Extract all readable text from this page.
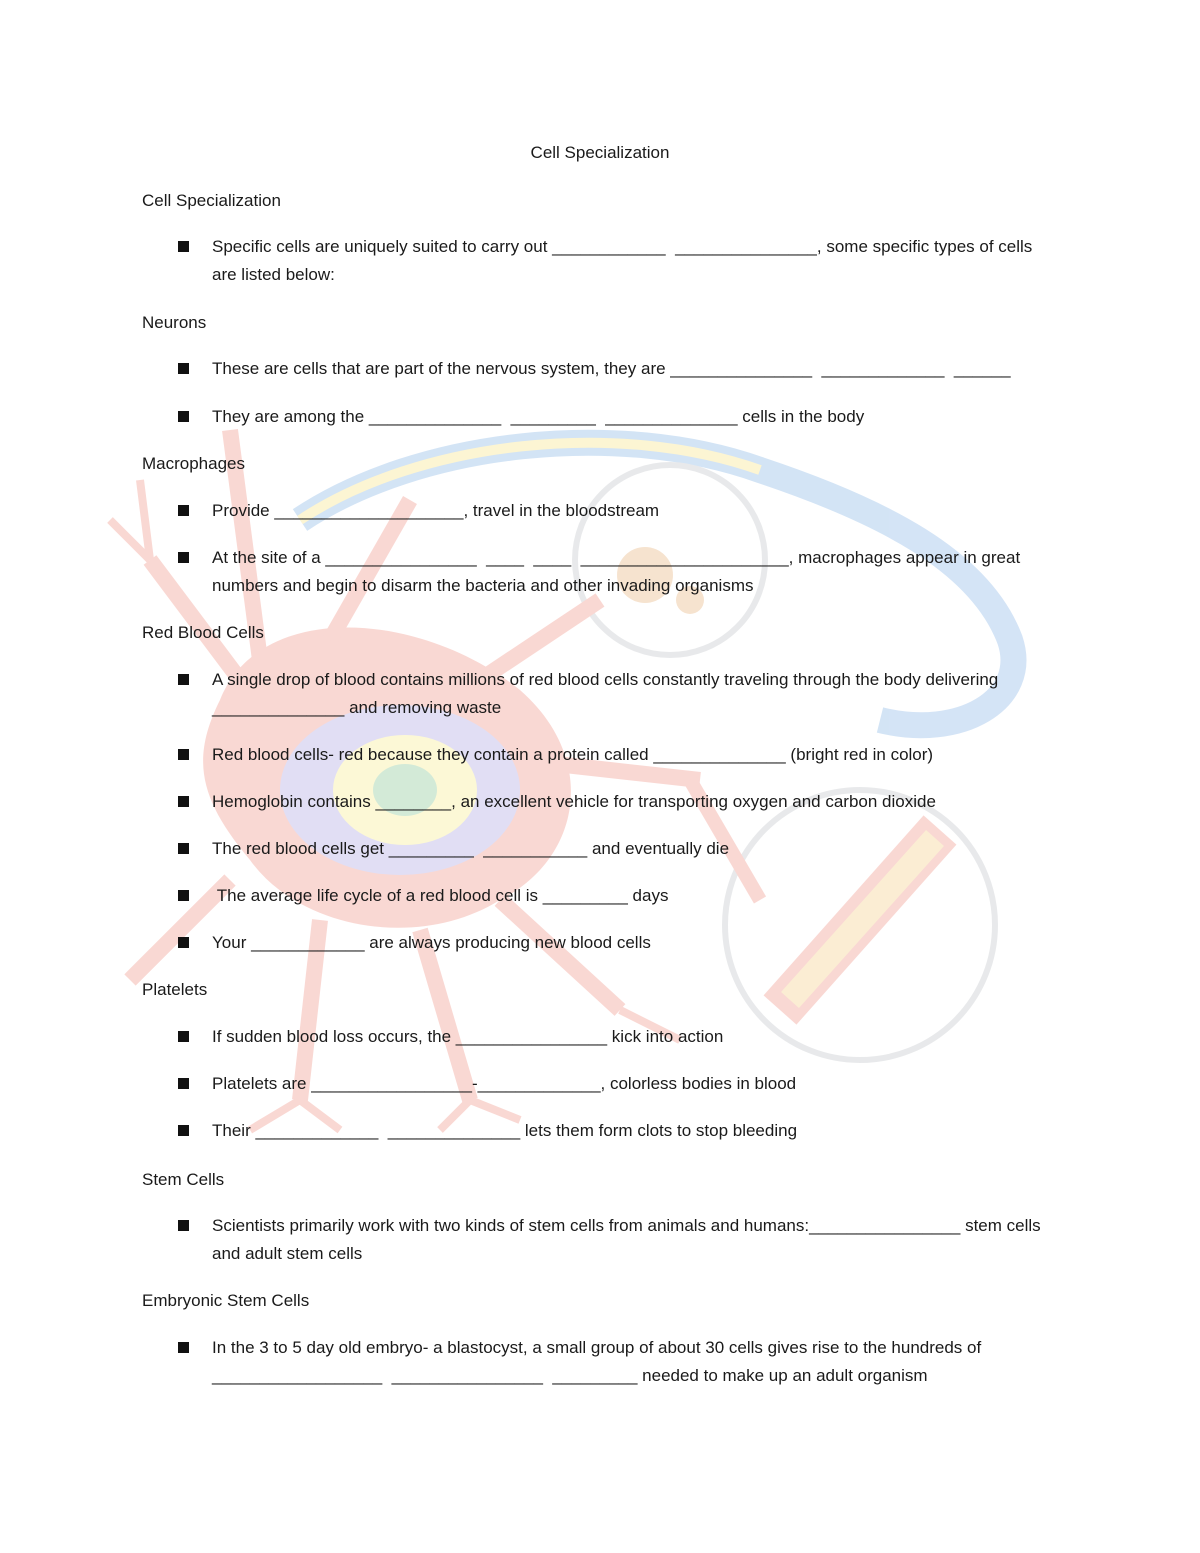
Cell Specialization
Cell Specialization
Specific cells are uniquely suited to carry out ____________  _______________, some specific types of cells are listed below:
Neurons
These are cells that are part of the nervous system, they are _______________  _____________  ______
They are among the ______________  _________  ______________ cells in the body
Macrophages
Provide ____________________, travel in the bloodstream
At the site of a ________________  ____  ____  ______________________, macrophages appear in great numbers and begin to disarm the bacteria and other invading organisms
Red Blood Cells
A single drop of blood contains millions of red blood cells constantly traveling through the body delivering ______________ and removing waste
Red blood cells- red because they contain a protein called ______________ (bright red in color)
Hemoglobin contains ________, an excellent vehicle for transporting oxygen and carbon dioxide
The red blood cells get _________  ___________ and eventually die
The average life cycle of a red blood cell is _________ days
Your ____________ are always producing new blood cells
Platelets
If sudden blood loss occurs, the ________________ kick into action
Platelets are _________________-_____________, colorless bodies in blood
Their _____________  ______________ lets them form clots to stop bleeding
Stem Cells
Scientists primarily work with two kinds of stem cells from animals and humans:________________ stem cells and adult stem cells
Embryonic Stem Cells
In the 3 to 5 day old embryo- a blastocyst, a small group of about 30 cells gives rise to the hundreds of __________________  ________________  _________ needed to make up an adult organism
